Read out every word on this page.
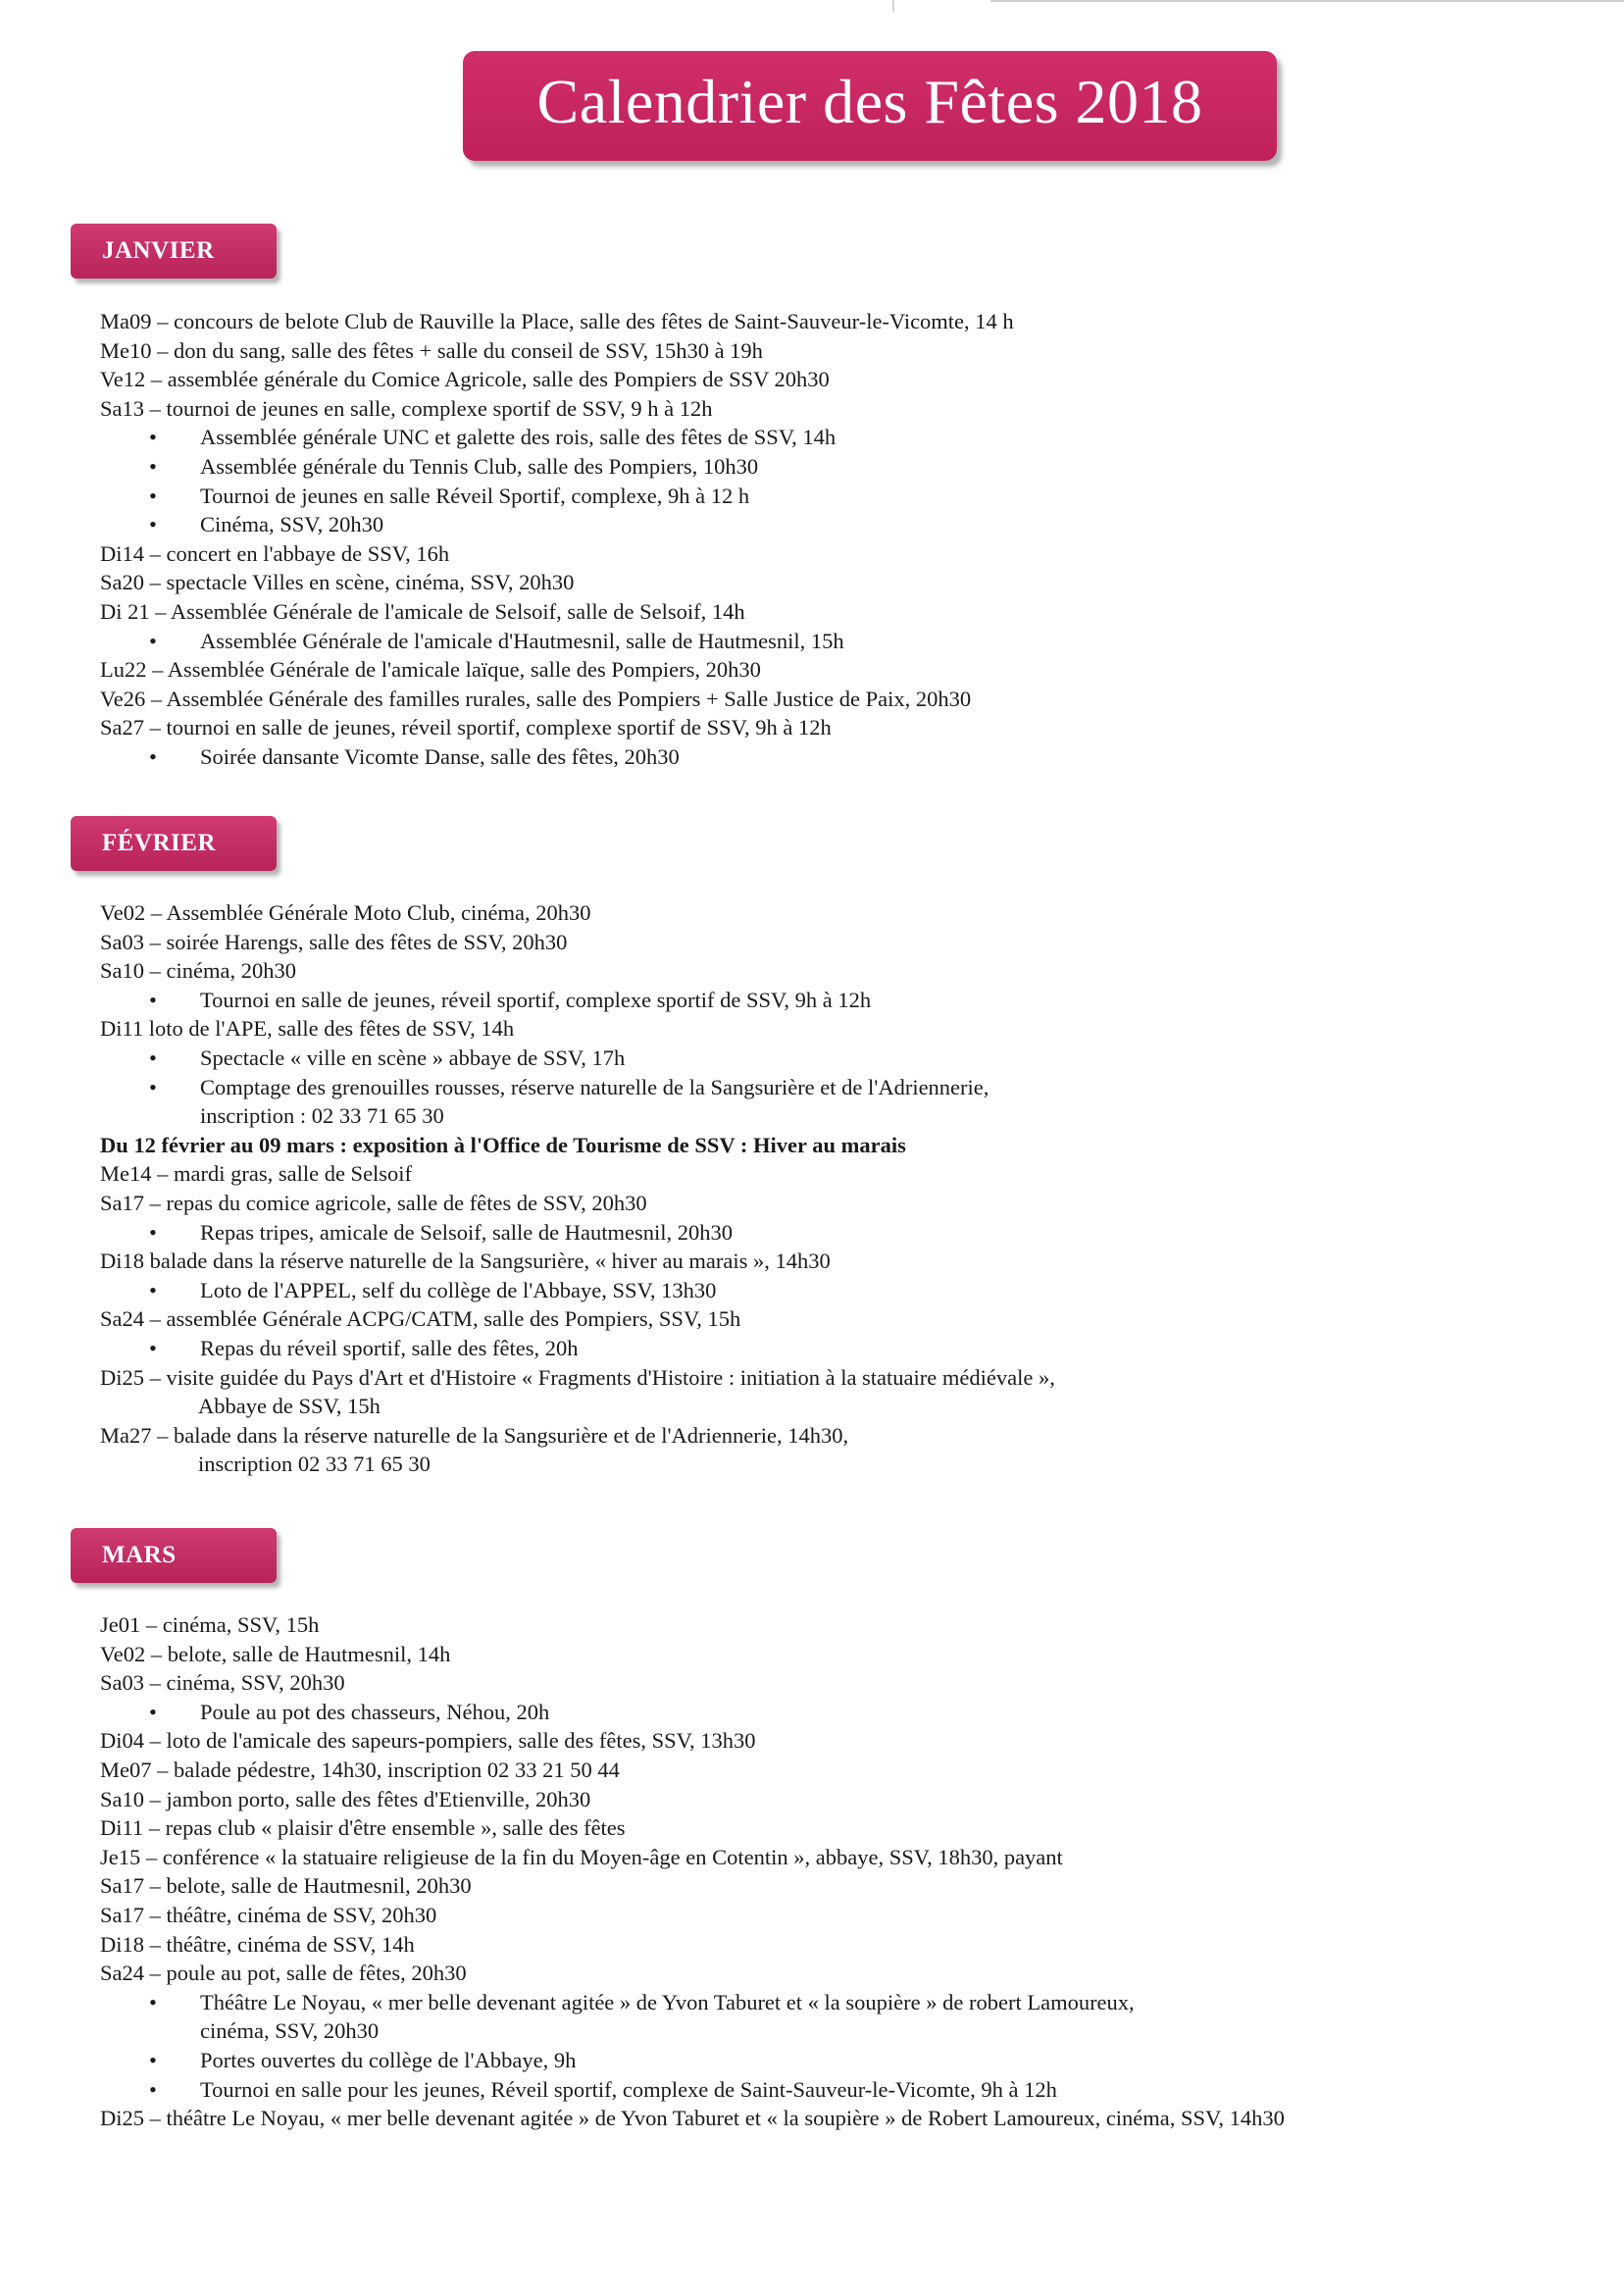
Calendrier des Fêtes 2018
JANVIER
Ma09 – concours de belote Club de Rauville la Place, salle des fêtes de Saint-Sauveur-le-Vicomte, 14 h
Me10 – don du sang, salle des fêtes + salle du conseil de SSV, 15h30 à 19h
Ve12 – assemblée générale du Comice Agricole, salle des Pompiers de SSV 20h30
Sa13 – tournoi de jeunes en salle, complexe sportif de SSV, 9 h à 12h
• Assemblée générale UNC et galette des rois, salle des fêtes de SSV, 14h
• Assemblée générale du Tennis Club, salle des Pompiers, 10h30
• Tournoi de jeunes en salle Réveil Sportif, complexe, 9h à 12 h
• Cinéma, SSV, 20h30
Di14 – concert en l'abbaye de SSV, 16h
Sa20 – spectacle Villes en scène, cinéma, SSV, 20h30
Di 21 – Assemblée Générale de l'amicale de Selsoif, salle de Selsoif, 14h
• Assemblée Générale de l'amicale d'Hautmesnil, salle de Hautmesnil, 15h
Lu22 – Assemblée Générale de l'amicale laïque, salle des Pompiers, 20h30
Ve26 – Assemblée Générale des familles rurales, salle des Pompiers + Salle Justice de Paix, 20h30
Sa27 – tournoi en salle de jeunes, réveil sportif, complexe sportif de SSV, 9h à 12h
• Soirée dansante Vicomte Danse, salle des fêtes, 20h30
FÉVRIER
Ve02 – Assemblée Générale Moto Club, cinéma, 20h30
Sa03 – soirée Harengs, salle des fêtes de SSV, 20h30
Sa10 – cinéma, 20h30
• Tournoi en salle de jeunes, réveil sportif, complexe sportif de SSV, 9h à 12h
Di11 loto de l'APE, salle des fêtes de SSV, 14h
• Spectacle « ville en scène » abbaye de SSV, 17h
• Comptage des grenouilles rousses, réserve naturelle de la Sangsurière et de l'Adriennerie,
inscription : 02 33 71 65 30
Du 12 février au 09 mars : exposition à l'Office de Tourisme de SSV : Hiver au marais
Me14 – mardi gras, salle de Selsoif
Sa17 – repas du comice agricole, salle de fêtes de SSV, 20h30
• Repas tripes, amicale de Selsoif, salle de Hautmesnil, 20h30
Di18 balade dans la réserve naturelle de la Sangsurière, « hiver au marais », 14h30
• Loto de l'APPEL, self du collège de l'Abbaye, SSV, 13h30
Sa24 – assemblée Générale ACPG/CATM, salle des Pompiers, SSV, 15h
• Repas du réveil sportif, salle des fêtes, 20h
Di25 – visite guidée du Pays d'Art et d'Histoire « Fragments d'Histoire : initiation à la statuaire médiévale »,
Abbaye de SSV, 15h
Ma27 – balade dans la réserve naturelle de la Sangsurière et de l'Adriennerie, 14h30,
inscription 02 33 71 65 30
MARS
Je01 – cinéma, SSV, 15h
Ve02 – belote, salle de Hautmesnil, 14h
Sa03 – cinéma, SSV, 20h30
• Poule au pot des chasseurs, Néhou, 20h
Di04 – loto de l'amicale des sapeurs-pompiers, salle des fêtes, SSV, 13h30
Me07 – balade pédestre, 14h30, inscription 02 33 21 50 44
Sa10 – jambon porto, salle des fêtes d'Etienville, 20h30
Di11 – repas club « plaisir d'être ensemble », salle des fêtes
Je15 – conférence « la statuaire religieuse de la fin du Moyen-âge en Cotentin », abbaye, SSV, 18h30, payant
Sa17 – belote, salle de Hautmesnil, 20h30
Sa17 – théâtre, cinéma de SSV, 20h30
Di18 – théâtre, cinéma de SSV, 14h
Sa24 – poule au pot, salle de fêtes, 20h30
• Théâtre Le Noyau, « mer belle devenant agitée » de Yvon Taburet et « la soupière » de robert Lamoureux,
cinéma, SSV, 20h30
• Portes ouvertes du collège de l'Abbaye, 9h
• Tournoi en salle pour les jeunes, Réveil sportif, complexe de Saint-Sauveur-le-Vicomte, 9h à 12h
Di25 – théâtre Le Noyau, « mer belle devenant agitée » de Yvon Taburet et « la soupière » de Robert Lamoureux, cinéma, SSV, 14h30
